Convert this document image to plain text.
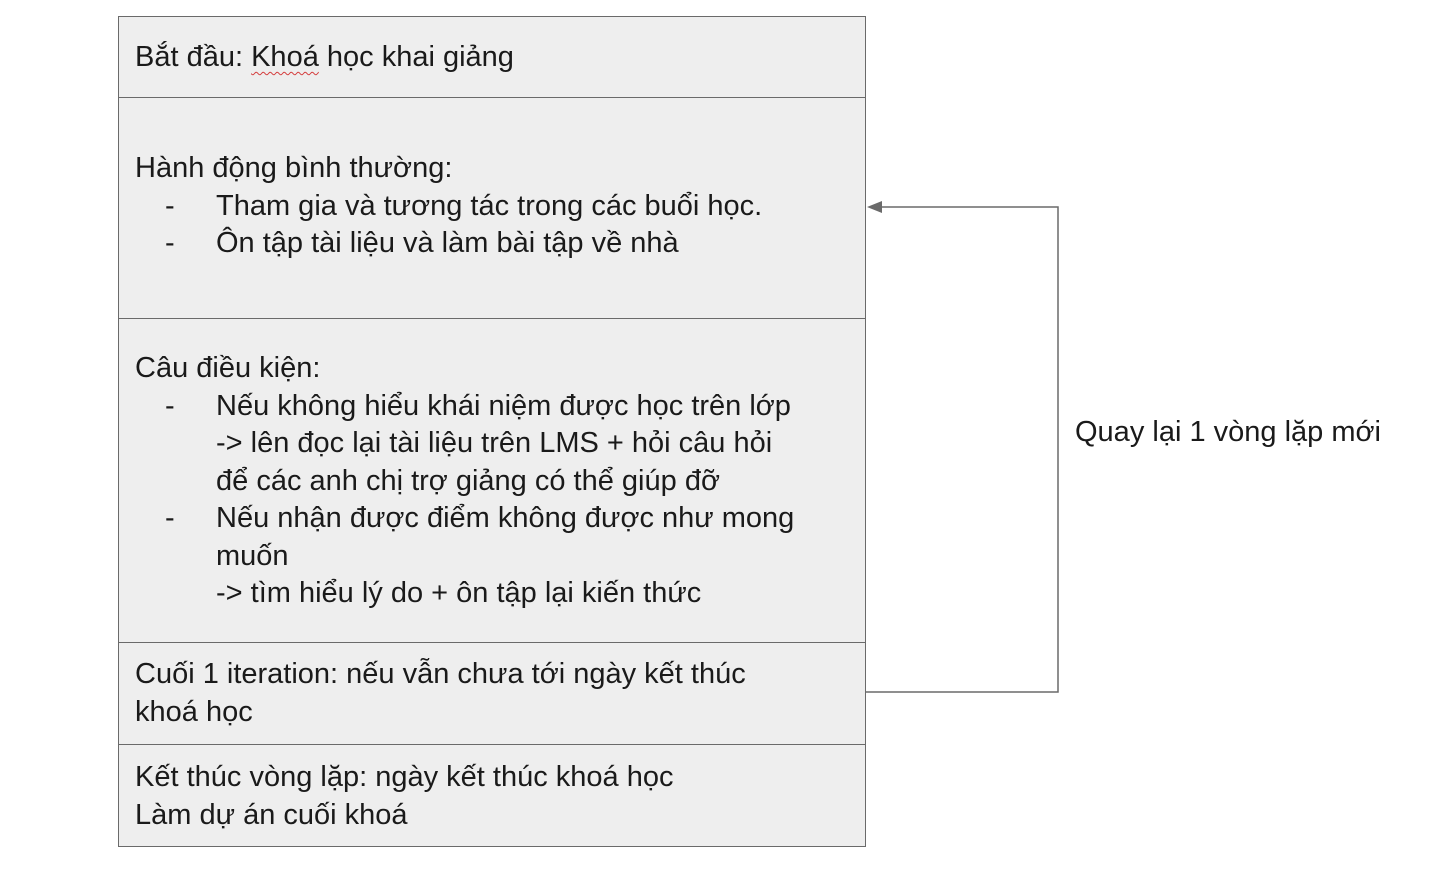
Bắt đầu: Khoá học khai giảng
Hành động bình thường:
- Tham gia và tương tác trong các buổi học.
- Ôn tập tài liệu và làm bài tập về nhà
Câu điều kiện:
- Nếu không hiểu khái niệm được học trên lớp
-> lên đọc lại tài liệu trên LMS + hỏi câu hỏi
để các anh chị trợ giảng có thể giúp đỡ
- Nếu nhận được điểm không được như mong
muốn
-> tìm hiểu lý do + ôn tập lại kiến thức
Cuối 1 iteration: nếu vẫn chưa tới ngày kết thúc
khoá học
Kết thúc vòng lặp: ngày kết thúc khoá học
Làm dự án cuối khoá
Quay lại 1 vòng lặp mới
